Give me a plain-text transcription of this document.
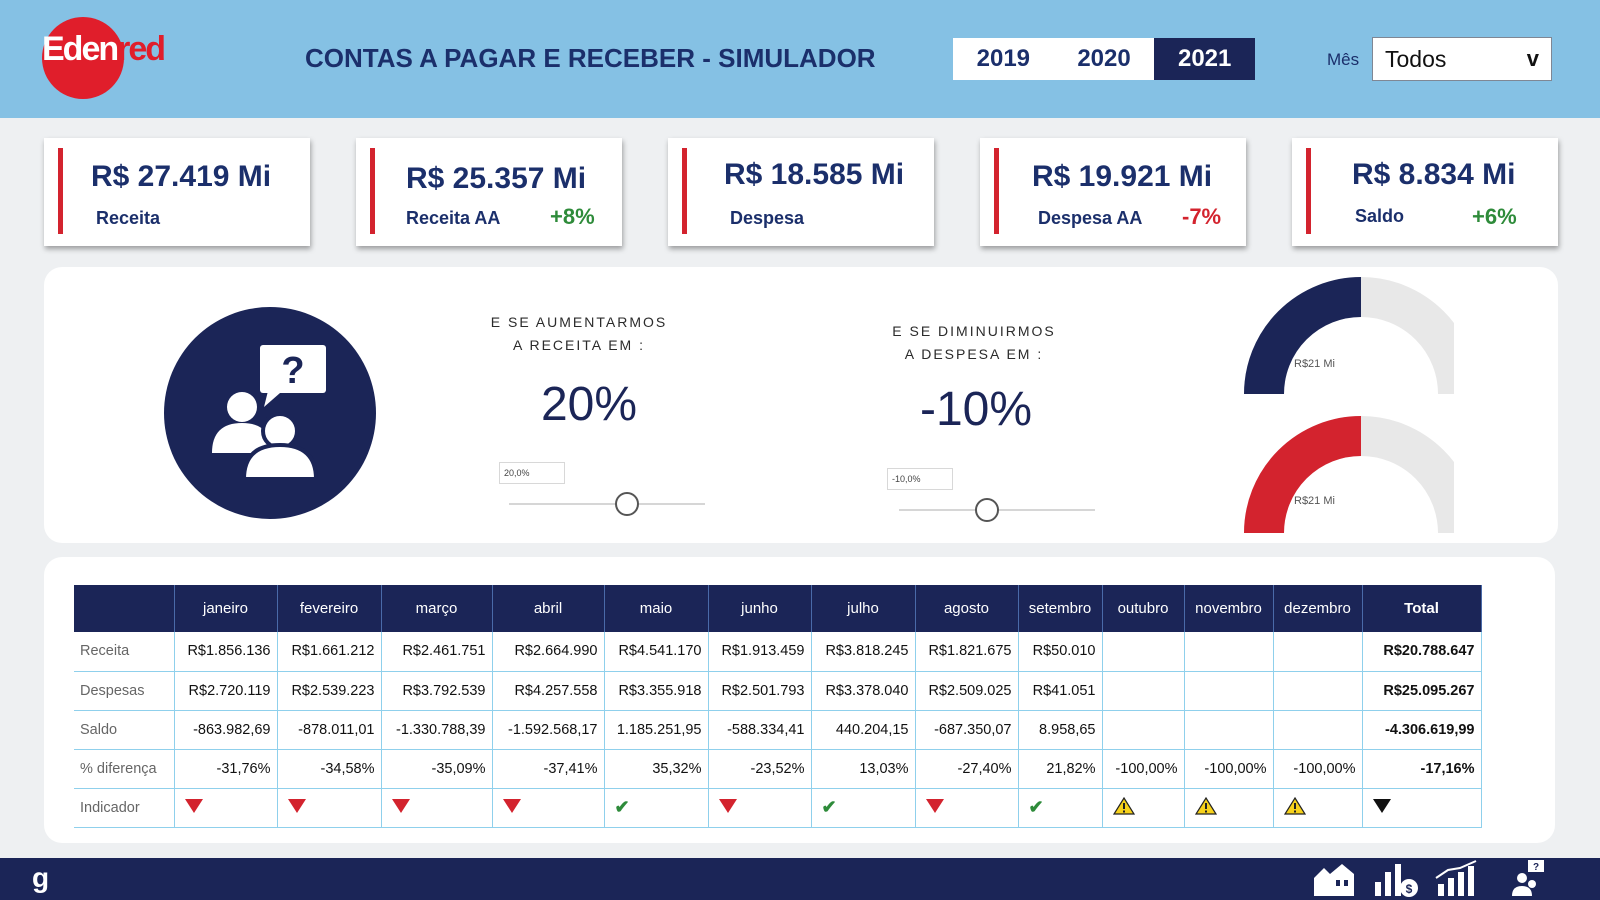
Edenred	CONTAS A PAGAR E RECEBER - SIMULADOR	2019	2020	2021	Mês Todos	v
R$ 27.419 Mi
Receita
R$ 25.357 Mi
Receita AA +8%
R$ 18.585 Mi
Despesa
R$ 19.921 Mi
Despesa AA -7%
R$ 8.834 Mi
Saldo	+6%
?
E SE AUMENTARMOS
A RECEITA EM :
20%
20,0%
E SE DIMINUIRMOS
A DESPESA EM :
-10%
-10,0%
R$21 Mi
R$21 Mi
	janeiro	fevereiro	março	abril	maio	junho	julho	agosto	setembro	outubro	novembro	dezembro	Total
Receita	R$1.856.136	R$1.661.212	R$2.461.751	R$2.664.990	R$4.541.170	R$1.913.459	R$3.818.245	R$1.821.675	R$50.010				R$20.788.647
Despesas	R$2.720.119	R$2.539.223	R$3.792.539	R$4.257.558	R$3.355.918	R$2.501.793	R$3.378.040	R$2.509.025	R$41.051				R$25.095.267
Saldo	-863.982,69	-878.011,01	-1.330.788,39	-1.592.568,17	1.185.251,95	-588.334,41	440.204,15	-687.350,07	8.958,65				-4.306.619,99
% diferença	-31,76%	-34,58%	-35,09%	-37,41%	35,32%	-23,52%	13,03%	-27,40%	21,82%	-100,00%	-100,00%	-100,00%	-17,16%
Indicador					✔		✔		✔				
g	$
?
